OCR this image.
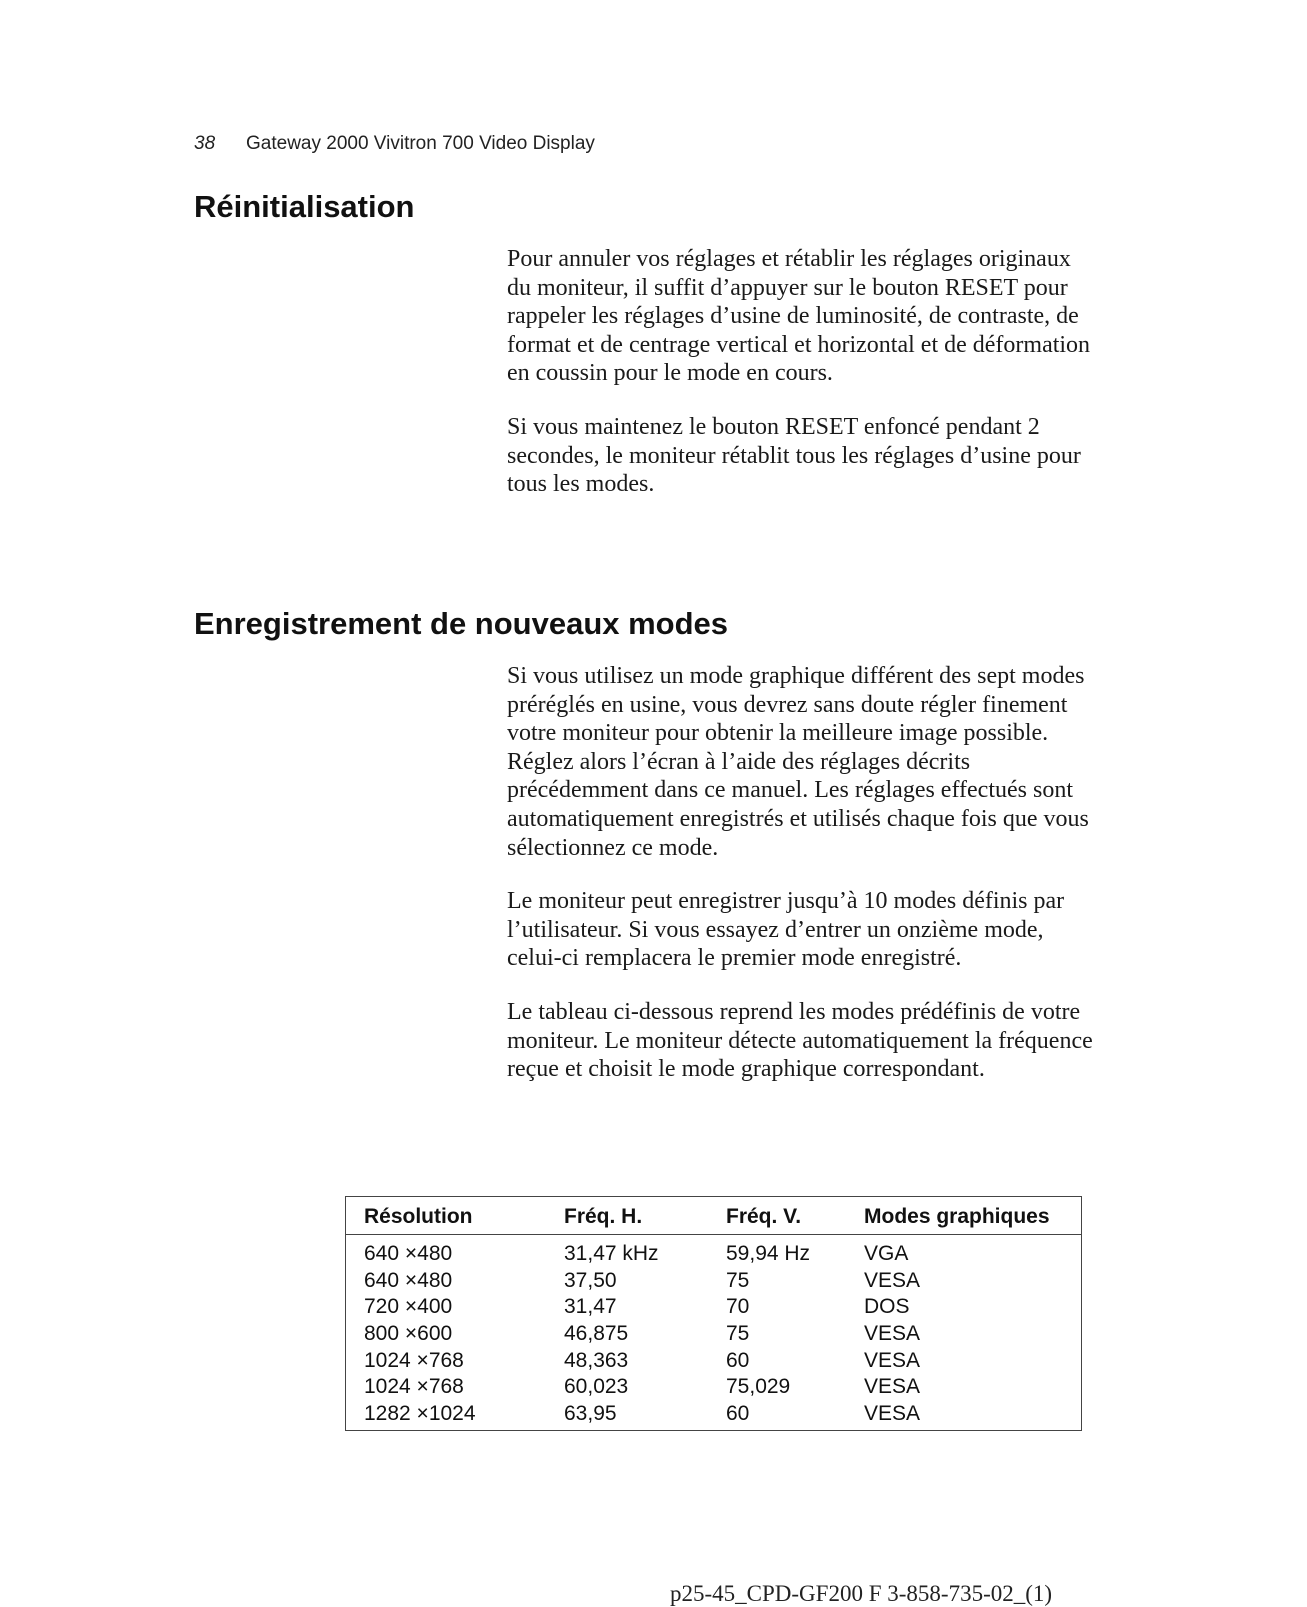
38 Gateway 2000 Vivitron 700 Video Display
Réinitialisation

Pour annuler vos réglages et rétablir les réglages originaux du moniteur, il suffit d’appuyer sur le bouton RESET pour rappeler les réglages d’usine de luminosité, de contraste, de format et de centrage vertical et horizontal et de déformation en coussin pour le mode en cours.

Si vous maintenez le bouton RESET enfoncé pendant 2 secondes, le moniteur rétablit tous les réglages d’usine pour tous les modes.

Enregistrement de nouveaux modes

Si vous utilisez un mode graphique différent des sept modes préréglés en usine, vous devrez sans doute régler finement votre moniteur pour obtenir la meilleure image possible. Réglez alors l’écran à l’aide des réglages décrits précédemment dans ce manuel. Les réglages effectués sont automatiquement enregistrés et utilisés chaque fois que vous sélectionnez ce mode.

Le moniteur peut enregistrer jusqu’à 10 modes définis par l’utilisateur. Si vous essayez d’entrer un onzième mode, celui-ci remplacera le premier mode enregistré.

Le tableau ci-dessous reprend les modes prédéfinis de votre moniteur. Le moniteur détecte automatiquement la fréquence reçue et choisit le mode graphique correspondant.

Résolution	Fréq. H.	Fréq. V.	Modes graphiques
640 ×480	31,47 kHz	59,94 Hz	VGA
640 ×480	37,50	75	VESA
720 ×400	31,47	70	DOS
800 ×600	46,875	75	VESA
1024 ×768	48,363	60	VESA
1024 ×768	60,023	75,029	VESA
1282 ×1024	63,95	60	VESA
p25-45_CPD-GF200 F 3-858-735-02_(1)
